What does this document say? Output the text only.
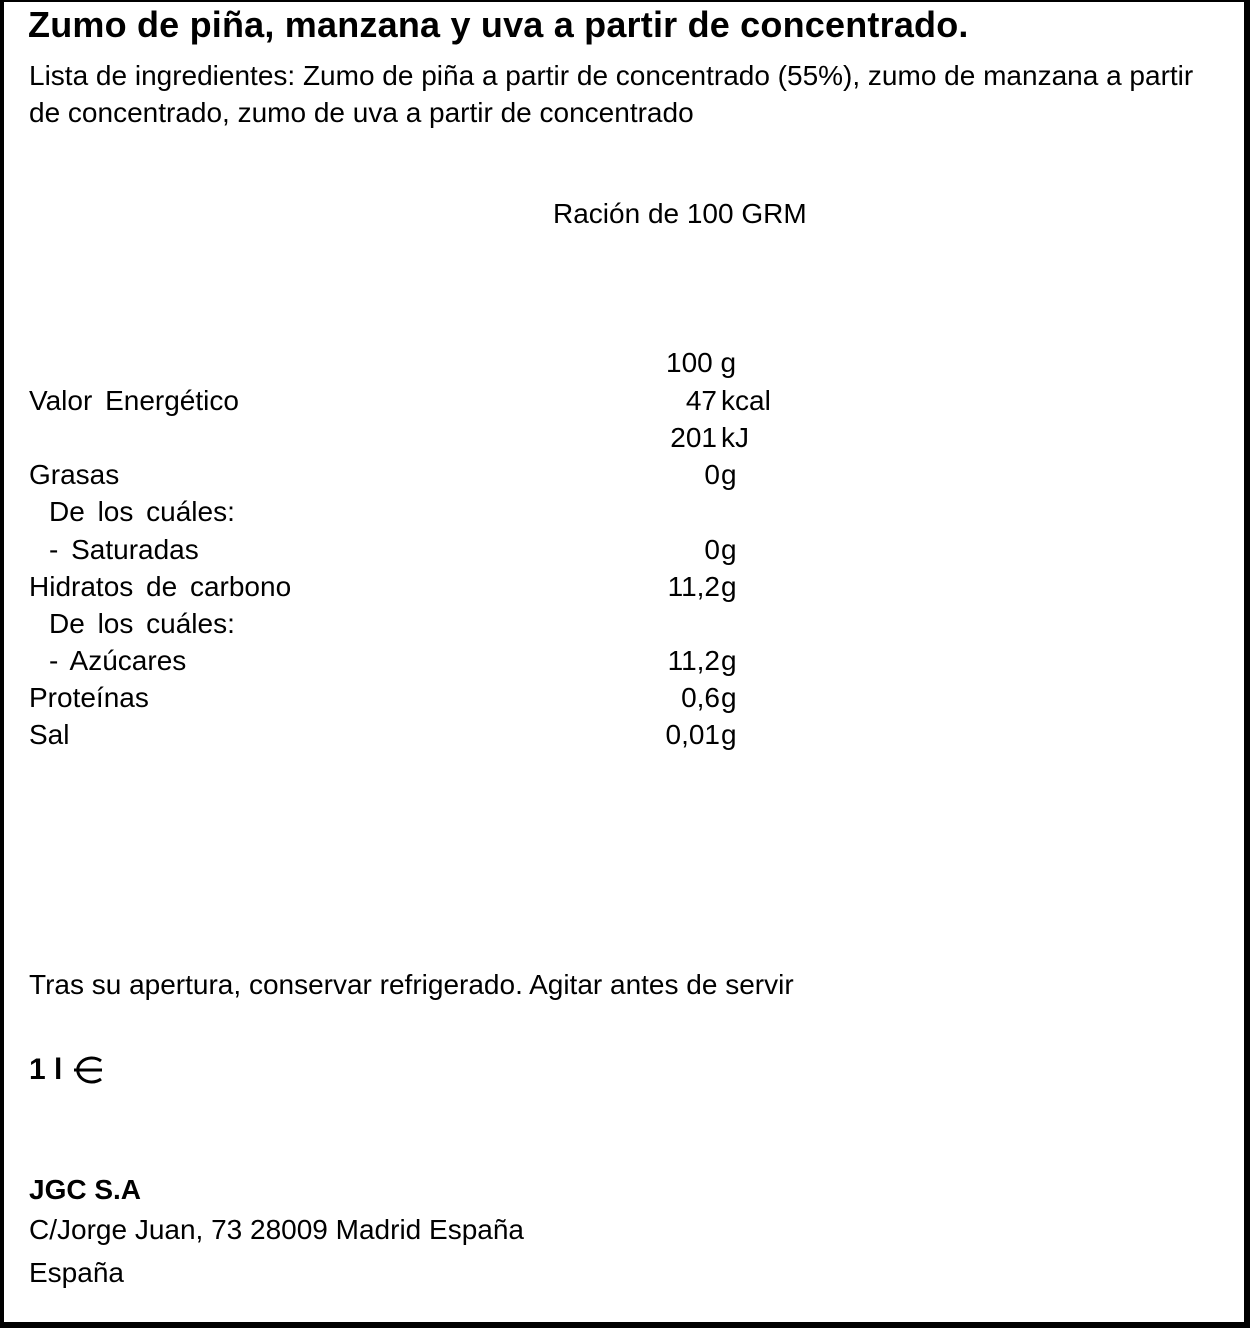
Zumo de piña, manzana y uva a partir de concentrado.
Lista de ingredientes: Zumo de piña a partir de concentrado (55%), zumo de manzana a partir de concentrado, zumo de uva a partir de concentrado
Ración de 100 GRM
100 g
Valor Energético	47 kcal
201 kJ
Grasas	0 g
De los cuáles:
- Saturadas	0 g
Hidratos de carbono	11,2 g
De los cuáles:
- Azúcares	11,2 g
Proteínas	0,6 g
Sal	0,01 g
Tras su apertura, conservar refrigerado. Agitar antes de servir
1 l
JGC S.A
C/Jorge Juan, 73 28009 Madrid España
España
